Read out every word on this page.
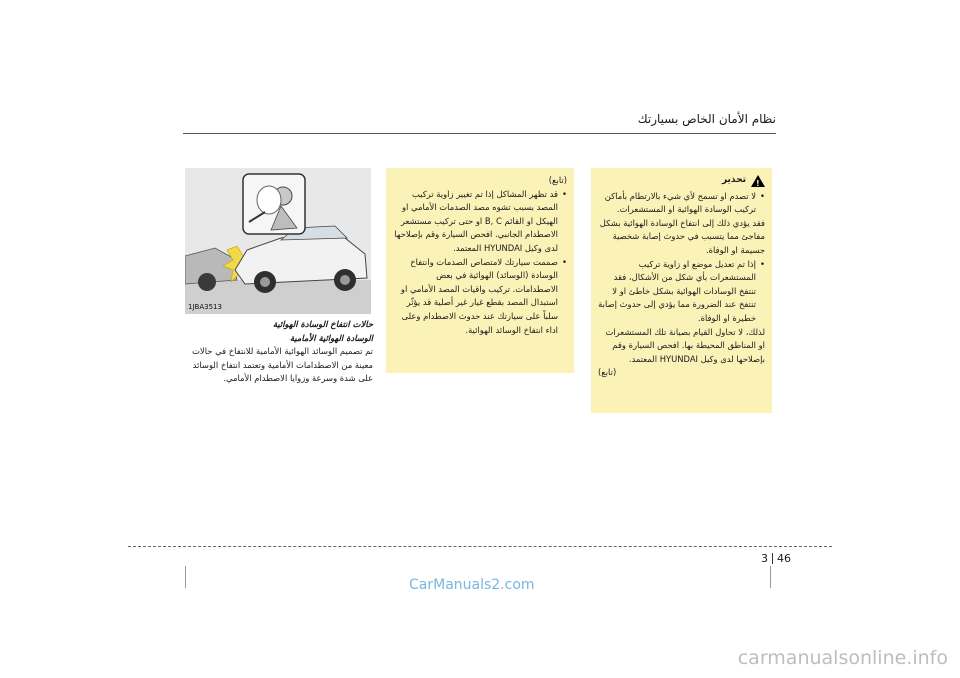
نظام الأمان الخاص بسيارتك
!
تحذير
• لا تصدم او تسمح لأي شيء بالارتطام بأماكن تركيب الوسادة الهوائية او المستشعرات.
فقد يؤدي ذلك إلى انتفاخ الوسادة الهوائية بشكل مفاجئ مما يتسبب في حدوث إصابة شخصية جسيمة او الوفاة.
• إذا تم تعديل موضع او زاوية تركيب المستشعرات بأي شكل من الأشكال، فقد تنتفخ الوسادات الهوائية بشكل خاطئ او لا تنتفخ عند الضرورة مما يؤدي إلى حدوث إصابة خطيرة او الوفاة.
لذلك، لا تحاول القيام بصيانة تلك المستشعرات او المناطق المحيطة بها. افحص السيارة وقم بإصلاحها لدى وكيل HYUNDAI المعتمد.
(تابع)
(تابع)
• قد تظهر المشاكل إذا تم تغيير زاوية تركيب المصد بسبب تشوه مصد الصدمات الأمامي او الهيكل او القائم B, C او حتى تركيب مستشعر الاصطدام الجانبي. افحص السيارة وقم بإصلاحها لدى وكيل HYUNDAI المعتمد.
• صممت سيارتك لامتصاص الصدمات وانتفاخ الوسادة (الوسائد) الهوائية في بعض الاصطدامات. تركيب واقيات المصد الأمامي او استبدال المصد بقطع غيار غير أصلية قد يؤثّر سلباً على سيارتك عند حدوث الاصطدام وعلى اداء انتفاخ الوسائد الهوائية.
1JBA3513
حالات انتفاخ الوسادة الهوائية
الوسادة الهوائية الأمامية
تم تصميم الوسائد الهوائية الأمامية للانتفاخ في حالات معينة من الاصطدامات الأمامية وتعتمد انتفاخ الوسائد على شدة وسرعة وزوايا الاصطدام الأمامي.
3 46
CarManuals2.com
carmanualsonline.info
